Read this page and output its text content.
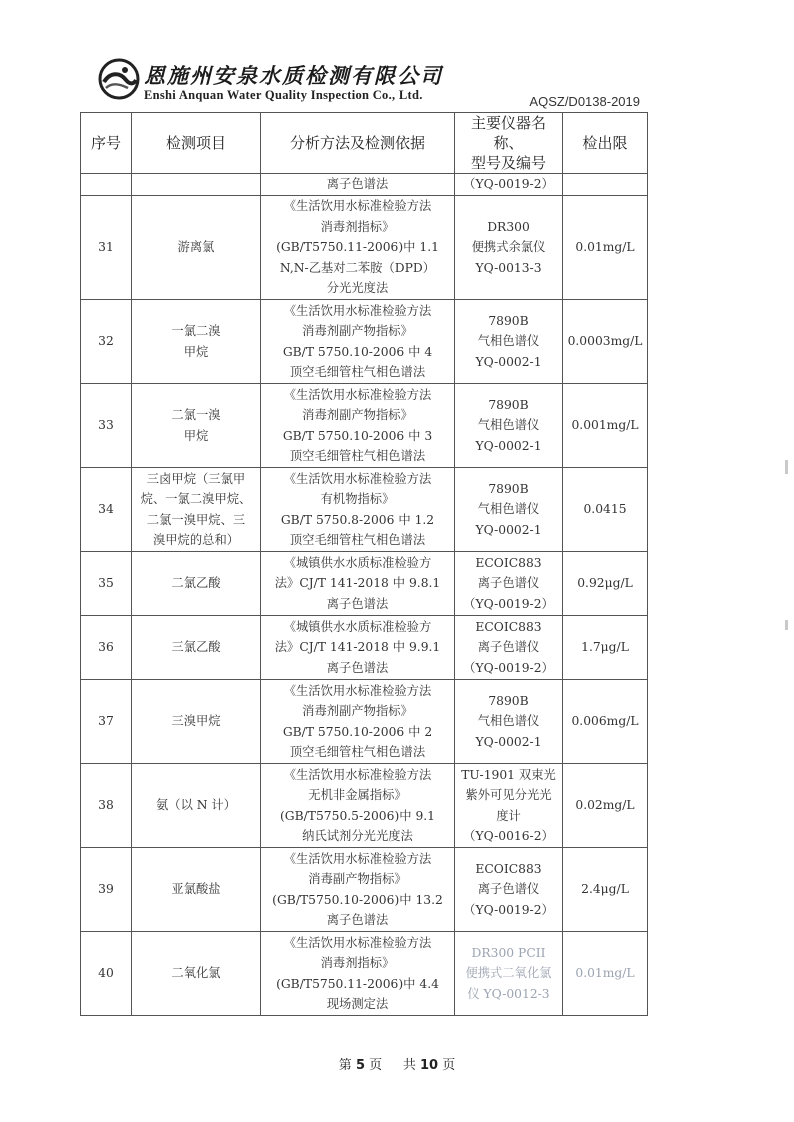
恩施州安泉水质检测有限公司
Enshi Anquan Water Quality Inspection Co., Ltd.	AQSZ/D0138-2019
序号	检测项目	分析方法及检测依据	主要仪器名称、
型号及编号	检出限
		离子色谱法	（YQ-0019-2）	
31	游离氯	《生活饮用水标准检验方法
消毒剂指标》
(GB/T5750.11-2006)中 1.1
N,N-乙基对二苯胺（DPD）
分光光度法	DR300
便携式余氯仪
YQ-0013-3	0.01mg/L
32	一氯二溴
甲烷	《生活饮用水标准检验方法
消毒剂副产物指标》
GB/T 5750.10-2006 中 4
顶空毛细管柱气相色谱法	7890B
气相色谱仪
YQ-0002-1	0.0003mg/L
33	二氯一溴
甲烷	《生活饮用水标准检验方法
消毒剂副产物指标》
GB/T 5750.10-2006 中 3
顶空毛细管柱气相色谱法	7890B
气相色谱仪
YQ-0002-1	0.001mg/L
34	三卤甲烷（三氯甲
烷、一氯二溴甲烷、
二氯一溴甲烷、三
溴甲烷的总和）	《生活饮用水标准检验方法
有机物指标》
GB/T 5750.8-2006 中 1.2
顶空毛细管柱气相色谱法	7890B
气相色谱仪
YQ-0002-1	0.0415
35	二氯乙酸	《城镇供水水质标准检验方
法》CJ/T 141-2018 中 9.8.1
离子色谱法	ECOIC883
离子色谱仪
（YQ-0019-2）	0.92μg/L
36	三氯乙酸	《城镇供水水质标准检验方
法》CJ/T 141-2018 中 9.9.1
离子色谱法	ECOIC883
离子色谱仪
（YQ-0019-2）	1.7μg/L
37	三溴甲烷	《生活饮用水标准检验方法
消毒剂副产物指标》
GB/T 5750.10-2006 中 2
顶空毛细管柱气相色谱法	7890B
气相色谱仪
YQ-0002-1	0.006mg/L
38	氨（以 N 计）	《生活饮用水标准检验方法
无机非金属指标》
(GB/T5750.5-2006)中 9.1
纳氏试剂分光光度法	TU-1901 双束光
紫外可见分光光
度计
（YQ-0016-2）	0.02mg/L
39	亚氯酸盐	《生活饮用水标准检验方法
消毒副产物指标》
(GB/T5750.10-2006)中 13.2
离子色谱法	ECOIC883
离子色谱仪
（YQ-0019-2）	2.4μg/L
40	二氧化氯	《生活饮用水标准检验方法
消毒剂指标》
(GB/T5750.11-2006)中 4.4
现场测定法	DR300 PCII
便携式二氧化氯
仪 YQ-0012-3	0.01mg/L
第 5 页 共 10 页
